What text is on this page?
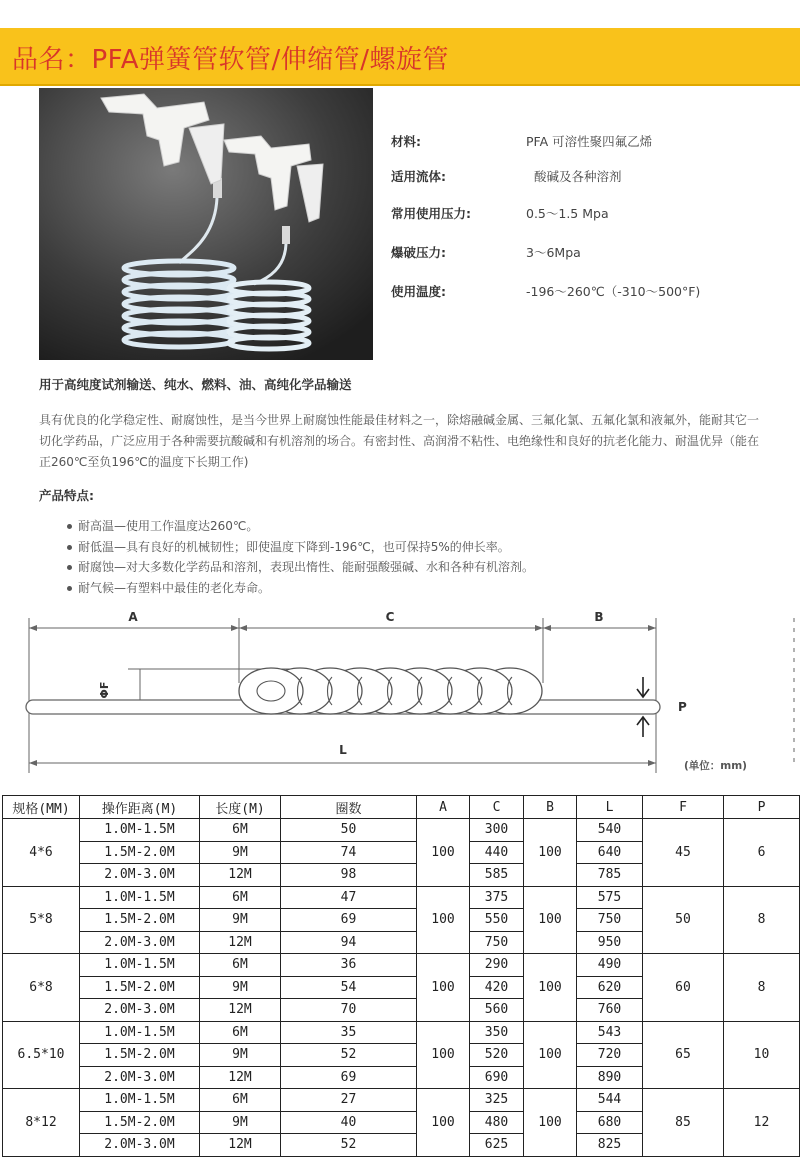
品名：PFA弹簧管软管/伸缩管/螺旋管
材料:	PFA 可溶性聚四氟乙烯
适用流体:	酸碱及各种溶剂
常用使用压力:	0.5～1.5 Mpa
爆破压力:	3～6Mpa
使用温度:	-196～260℃（-310～500°F)
用于高纯度试剂输送、纯水、燃料、油、高纯化学品输送
具有优良的化学稳定性、耐腐蚀性，是当今世界上耐腐蚀性能最佳材料之一，除熔融碱金属、三氟化氯、五氟化氯和液氟外，能耐其它一切化学药品，广泛应用于各种需要抗酸碱和有机溶剂的场合。有密封性、高润滑不粘性、电绝缘性和良好的抗老化能力、耐温优异（能在正260℃至负196℃的温度下长期工作)
产品特点:
耐高温—使用工作温度达260℃。
耐低温—具有良好的机械韧性；即使温度下降到-196℃，也可保持5%的伸长率。
耐腐蚀—对大多数化学药品和溶剂，表现出惰性、能耐强酸强碱、水和各种有机溶剂。
耐气候—有塑料中最佳的老化寿命。
A	C	B
L
ΦF
P
(单位：mm)
规格(MM)	操作距离(M)	长度(M)	圈数	A	C	B	L	F	P
4*6	1.0M-1.5M	6M	50	100	300	100	540	45	6
	1.5M-2.0M	9M	74		440		640		
	2.0M-3.0M	12M	98		585		785		
5*8	1.0M-1.5M	6M	47	100	375	100	575	50	8
	1.5M-2.0M	9M	69		550		750		
	2.0M-3.0M	12M	94		750		950		
6*8	1.0M-1.5M	6M	36	100	290	100	490	60	8
	1.5M-2.0M	9M	54		420		620		
	2.0M-3.0M	12M	70		560		760		
6.5*10	1.0M-1.5M	6M	35	100	350	100	543	65	10
	1.5M-2.0M	9M	52		520		720		
	2.0M-3.0M	12M	69		690		890		
8*12	1.0M-1.5M	6M	27	100	325	100	544	85	12
	1.5M-2.0M	9M	40		480		680		
	2.0M-3.0M	12M	52		625		825		
